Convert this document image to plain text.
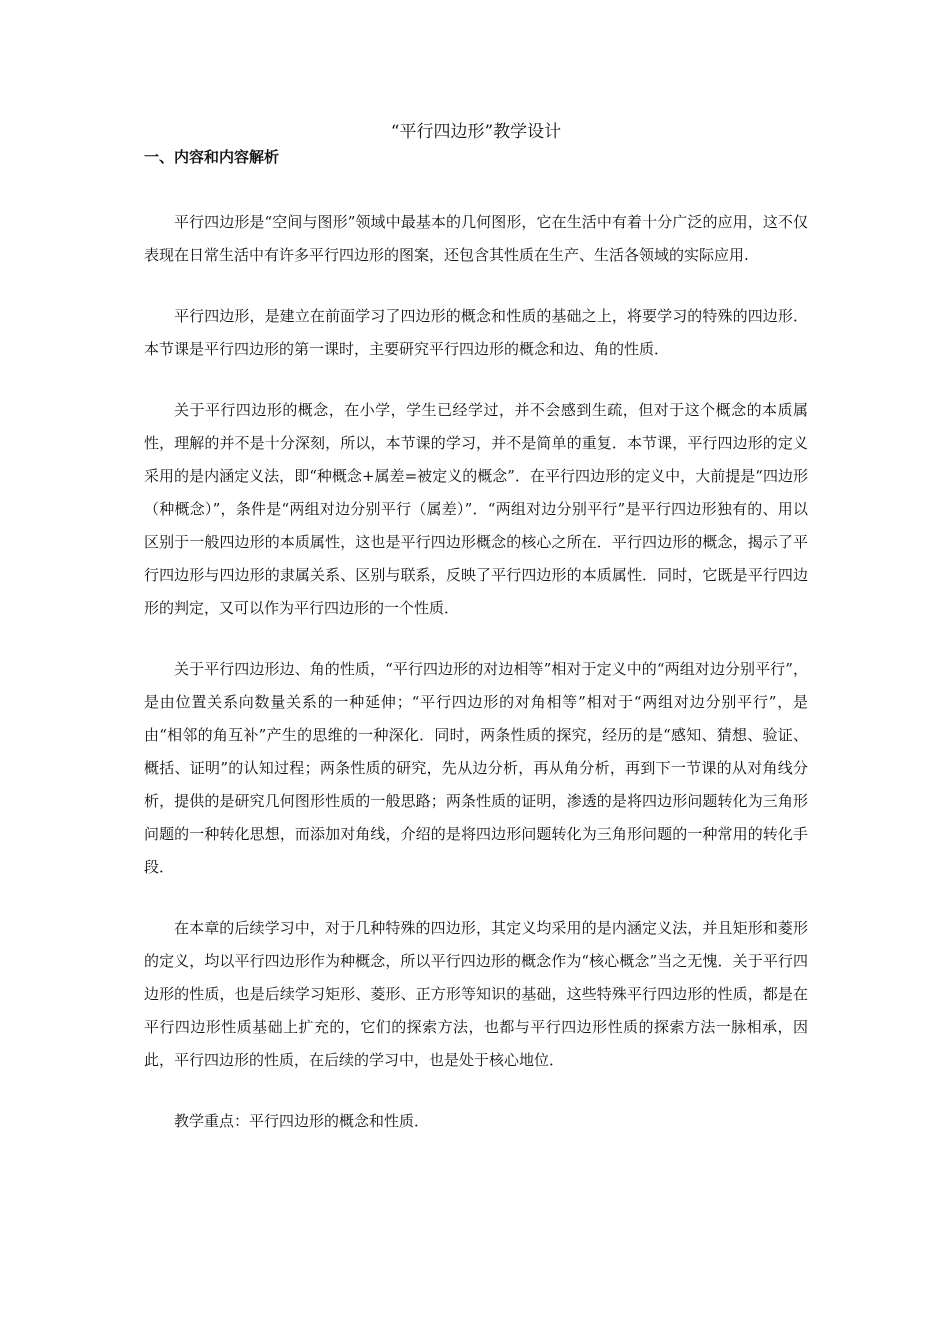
“平行四边形”教学设计
一、内容和内容解析

平行四边形是“空间与图形”领域中最基本的几何图形，它在生活中有着十分广泛的应用，这不仅表现在日常生活中有许多平行四边形的图案，还包含其性质在生产、生活各领域的实际应用.

平行四边形，是建立在前面学习了四边形的概念和性质的基础之上，将要学习的特殊的四边形．本节课是平行四边形的第一课时，主要研究平行四边形的概念和边、角的性质．

关于平行四边形的概念，在小学，学生已经学过，并不会感到生疏，但对于这个概念的本质属性，理解的并不是十分深刻，所以，本节课的学习，并不是简单的重复．本节课，平行四边形的定义采用的是内涵定义法，即“种概念+属差=被定义的概念”．在平行四边形的定义中，大前提是“四边形（种概念）”，条件是“两组对边分别平行（属差）”．“两组对边分别平行”是平行四边形独有的、用以区别于一般四边形的本质属性，这也是平行四边形概念的核心之所在．平行四边形的概念，揭示了平行四边形与四边形的隶属关系、区别与联系，反映了平行四边形的本质属性．同时，它既是平行四边形的判定，又可以作为平行四边形的一个性质．

关于平行四边形边、角的性质，“平行四边形的对边相等”相对于定义中的“两组对边分别平行”，是由位置关系向数量关系的一种延伸；“平行四边形的对角相等”相对于“两组对边分别平行”，是由“相邻的角互补”产生的思维的一种深化．同时，两条性质的探究，经历的是“感知、猜想、验证、概括、证明”的认知过程；两条性质的研究，先从边分析，再从角分析，再到下一节课的从对角线分析，提供的是研究几何图形性质的一般思路；两条性质的证明，渗透的是将四边形问题转化为三角形问题的一种转化思想，而添加对角线，介绍的是将四边形问题转化为三角形问题的一种常用的转化手段．

在本章的后续学习中，对于几种特殊的四边形，其定义均采用的是内涵定义法，并且矩形和菱形的定义，均以平行四边形作为种概念，所以平行四边形的概念作为“核心概念”当之无愧．关于平行四边形的性质，也是后续学习矩形、菱形、正方形等知识的基础，这些特殊平行四边形的性质，都是在平行四边形性质基础上扩充的，它们的探索方法，也都与平行四边形性质的探索方法一脉相承，因此，平行四边形的性质，在后续的学习中，也是处于核心地位．

教学重点：平行四边形的概念和性质．
